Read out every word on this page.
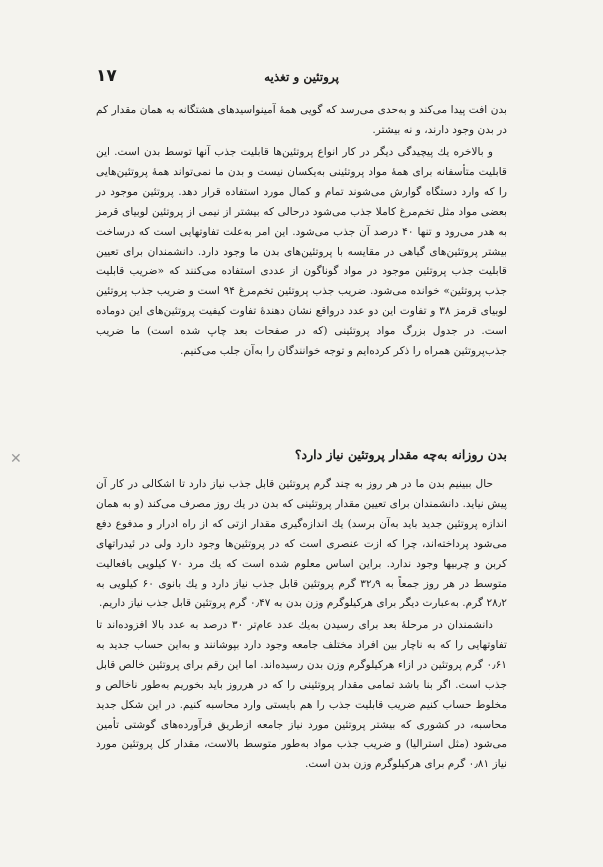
۱۷	پروتئین و تغذیه

بدن افت پیدا می‌کند و به‌حدی می‌رسد که گویی همهٔ آمینواسیدهای هشتگانه به همان مقدار کم در بدن وجود دارند، و نه بیشتر.

و بالاخره یك پیچیدگی دیگر در کار انواع پروتئین‌ها قابلیت جذب آنها توسط بدن است. این قابلیت متأسفانه برای همهٔ مواد پروتئینی به‌یکسان نیست و بدن ما نمی‌تواند همهٔ پروتئین‌هایی را که وارد دستگاه گوارش می‌شوند تمام و کمال مورد استفاده قرار دهد. پروتئین موجود در بعضی مواد مثل تخم‌مرغ کاملا جذب می‌شود درحالی که بیشتر از نیمی از پروتئین لوبیای قرمز به هدر می‌رود و تنها ۴۰ درصد آن جذب می‌شود. این امر به‌علت تفاوتهایی است که درساخت بیشتر پروتئین‌های گیاهی در مقایسه با پروتئین‌های بدن ما وجود دارد. دانشمندان برای تعیین قابلیت جذب پروتئین موجود در مواد گوناگون از عددی استفاده می‌کنند که «ضریب قابلیت جذب پروتئین» خوانده می‌شود. ضریب جذب پروتئین تخم‌مرغ ۹۴ است و ضریب جذب پروتئین لوبیای قرمز ۳۸ و تفاوت این دو عدد درواقع نشان دهندهٔ تفاوت کیفیت پروتئین‌های این دوماده است. در جدول بزرگ مواد پروتئینی (که در صفحات بعد چاپ شده است) ما ضریب جذب‌پروتئین همراه را ذکر کرده‌ایم و توجه خوانندگان را به‌آن جلب می‌کنیم.

بدن روزانه به‌چه مقدار پروتئین نیاز دارد؟
✕

حال ببینیم بدن ما در هر روز به چند گرم پروتئین قابل جذب نیاز دارد تا اشکالی در کار آن پیش نیاید. دانشمندان برای تعیین مقدار پروتئینی که بدن در یك روز مصرف می‌کند (و به همان اندازه پروتئین جدید باید به‌آن برسد) یك اندازه‌گیری مقدار ازتی که از راه ادرار و مدفوع دفع می‌شود پرداخته‌اند، چرا که ازت عنصری است که در پروتئین‌ها وجود دارد ولی در ئیدراتهای کربن و چربیها وجود ندارد. براین اساس معلوم شده است که یك مرد ۷۰ کیلویی بافعالیت متوسط در هر روز جمعاً به ۳۲٫۹ گرم پروتئین قابل جذب نیاز دارد و یك بانوی ۶۰ کیلویی به ۲۸٫۲ گرم. به‌عبارت دیگر برای هرکیلوگرم وزن بدن به ۰٫۴۷ گرم پروتئین قابل جذب نیاز داریم.

دانشمندان در مرحلهٔ بعد برای رسیدن به‌یك عدد عام‌تر ۳۰ درصد به عدد بالا افزوده‌اند تا تفاوتهایی را که به ناچار بین افراد مختلف جامعه وجود دارد بپوشانند و به‌این حساب جدید به ۰٫۶۱ گرم پروتئین در ازاء هرکیلوگرم وزن بدن رسیده‌اند. اما این رقم برای پروتئین خالص قابل جذب است. اگر بنا باشد تمامی مقدار پروتئینی را که در هرروز باید بخوریم به‌طور ناخالص و مخلوط حساب کنیم ضریب قابلیت جذب را هم بایستی وارد محاسبه کنیم. در این شکل جدید محاسبه، در کشوری که بیشتر پروتئین مورد نیاز جامعه ازطریق فرآورده‌های گوشتی تأمین می‌شود (مثل استرالیا) و ضریب جذب مواد به‌طور متوسط بالاست، مقدار کل پروتئین مورد نیاز ۰٫۸۱ گرم برای هرکیلوگرم وزن بدن است.
